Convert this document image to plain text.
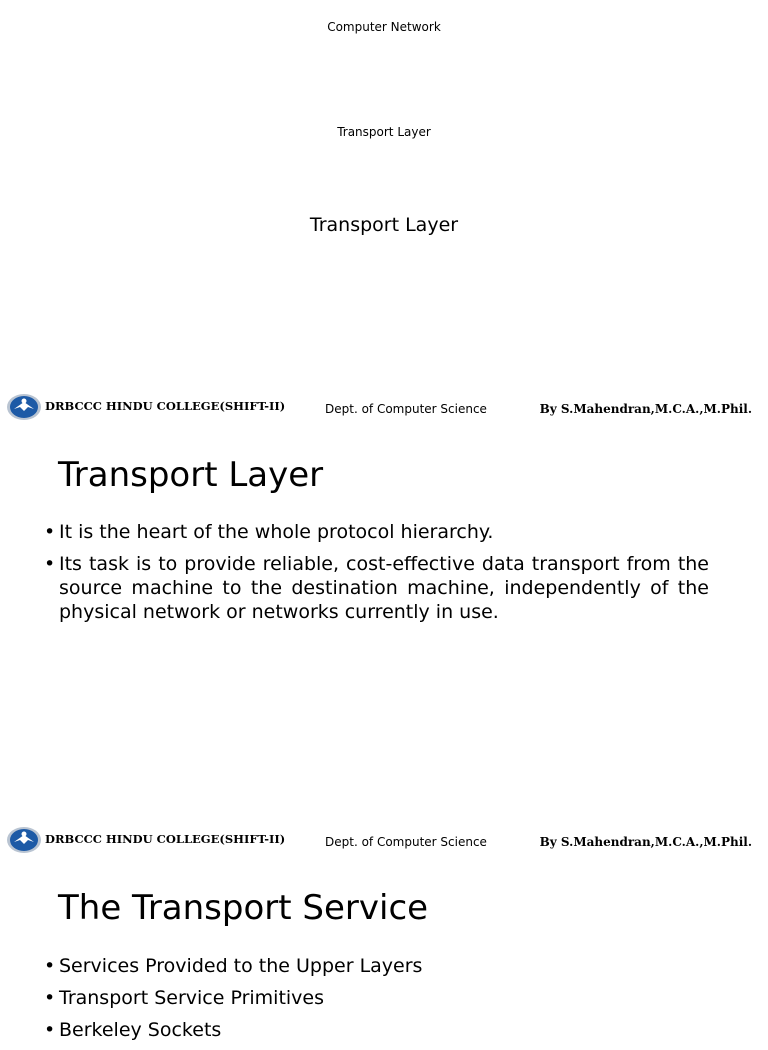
Computer Network
Transport Layer
Transport Layer
DRBCCC HINDU COLLEGE(SHIFT-II)	Dept. of Computer Science	By S.Mahendran,M.C.A.,M.Phil.
Transport Layer
• It is the heart of the whole protocol hierarchy.
• Its task is to provide reliable, cost-effective data transport from the source machine to the destination machine, independently of the physical network or networks currently in use.
DRBCCC HINDU COLLEGE(SHIFT-II)	Dept. of Computer Science	By S.Mahendran,M.C.A.,M.Phil.
The Transport Service
• Services Provided to the Upper Layers
• Transport Service Primitives
• Berkeley Sockets
